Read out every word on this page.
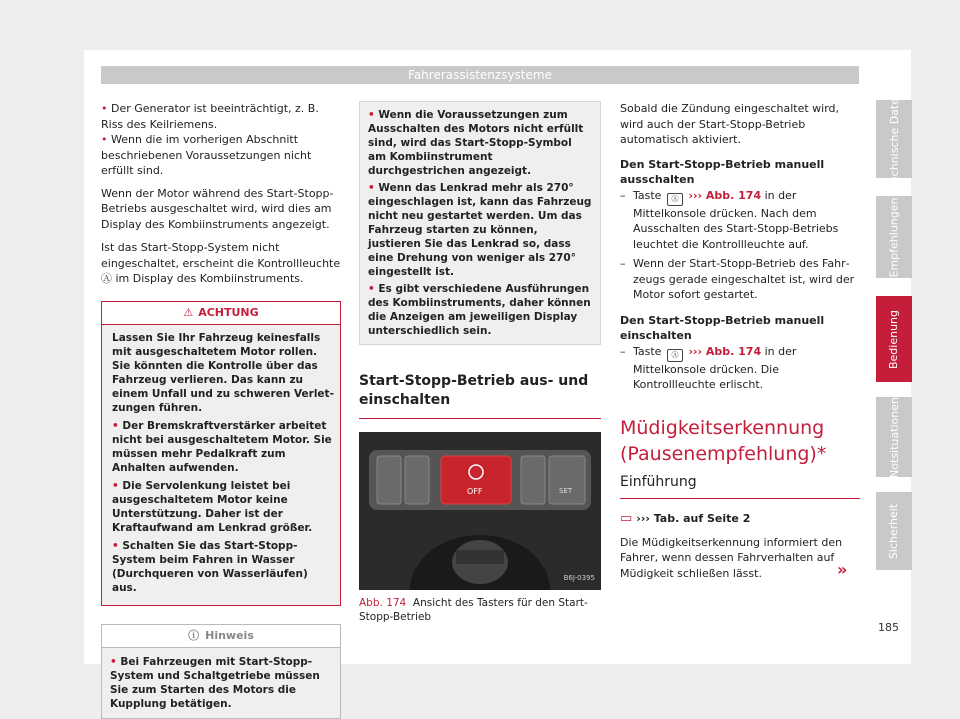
Fahrerassistenzsysteme

• Der Generator ist beeinträchtigt, z. B. Riss des Keilriemens.

• Wenn die im vorherigen Abschnitt beschriebenen Voraussetzungen nicht erfüllt sind.

Wenn der Motor während des Start-Stopp-Betriebs ausgeschaltet wird, wird dies am Display des Kombiinstruments angezeigt.

Ist das Start-Stopp-System nicht eingeschaltet, erscheint die Kontrollleuchte Ⓐ im Display des Kombiinstruments.

⚠ ACHTUNG

Lassen Sie Ihr Fahrzeug keinesfalls mit ausgeschaltetem Motor rollen. Sie könnten die Kontrolle über das Fahrzeug verlieren. Das kann zu einem Unfall und zu schweren Verletzungen führen.

• Der Bremskraftverstärker arbeitet nicht bei ausgeschaltetem Motor. Sie müssen mehr Pedalkraft zum Anhalten aufwenden.

• Die Servolenkung leistet bei ausgeschaltetem Motor keine Unterstützung. Daher ist der Kraftaufwand am Lenkrad größer.

• Schalten Sie das Start-Stopp-System beim Fahren in Wasser (Durchqueren von Wasserläufen) aus.

ⓘ Hinweis

• Bei Fahrzeugen mit Start-Stopp-System und Schaltgetriebe müssen Sie zum Starten des Motors die Kupplung betätigen.

• Wenn die Voraussetzungen zum Ausschalten des Motors nicht erfüllt sind, wird das Start-Stopp-Symbol am Kombiinstrument durchgestrichen angezeigt.

• Wenn das Lenkrad mehr als 270° eingeschlagen ist, kann das Fahrzeug nicht neu gestartet werden. Um das Fahrzeug starten zu können, justieren Sie das Lenkrad so, dass eine Drehung von weniger als 270° eingestellt ist.

• Es gibt verschiedene Ausführungen des Kombiinstruments, daher können die Anzeigen am jeweiligen Display unterschiedlich sein.

Start-Stopp-Betrieb aus- und einschalten
OFF	SET
B6J-0395
Abb. 174 Ansicht des Tasters für den Start-Stopp-Betrieb

Sobald die Zündung eingeschaltet wird, wird auch der Start-Stopp-Betrieb automatisch aktiviert.

Den Start-Stopp-Betrieb manuell ausschalten

– Taste Ⓐ ››› Abb. 174 in der Mittelkonsole drücken. Nach dem Ausschalten des Start-Stopp-Betriebs leuchtet die Kontrollleuchte auf.
– Wenn der Start-Stopp-Betrieb des Fahrzeugs gerade eingeschaltet ist, wird der Motor sofort gestartet.

Den Start-Stopp-Betrieb manuell einschalten

– Taste Ⓐ ››› Abb. 174 in der Mittelkonsole drücken. Die Kontrollleuchte erlischt.
Müdigkeitserkennung (Pausenempfehlung)*
Einführung
▭ ››› Tab. auf Seite 2

Die Müdigkeitserkennung informiert den Fahrer, wenn dessen Fahrverhalten auf Müdigkeit schließen lässt.	»
Technische Daten
Empfehlungen
Bedienung
Notsituationen
Sicherheit
185
